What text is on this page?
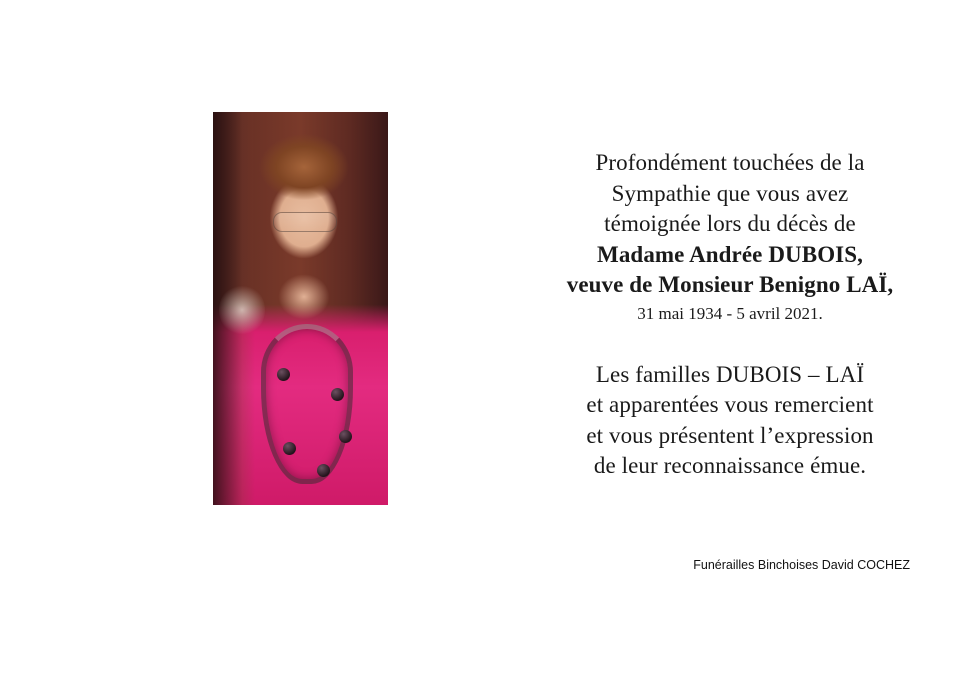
Profondément touchées de la
Sympathie que vous avez
témoignée lors du décès de
Madame Andrée DUBOIS,
veuve de Monsieur Benigno LAÏ,
31 mai 1934 - 5 avril 2021.
Les familles DUBOIS – LAÏ
et apparentées vous remercient
et vous présentent l’expression
de leur reconnaissance émue.
Funérailles Binchoises David COCHEZ
